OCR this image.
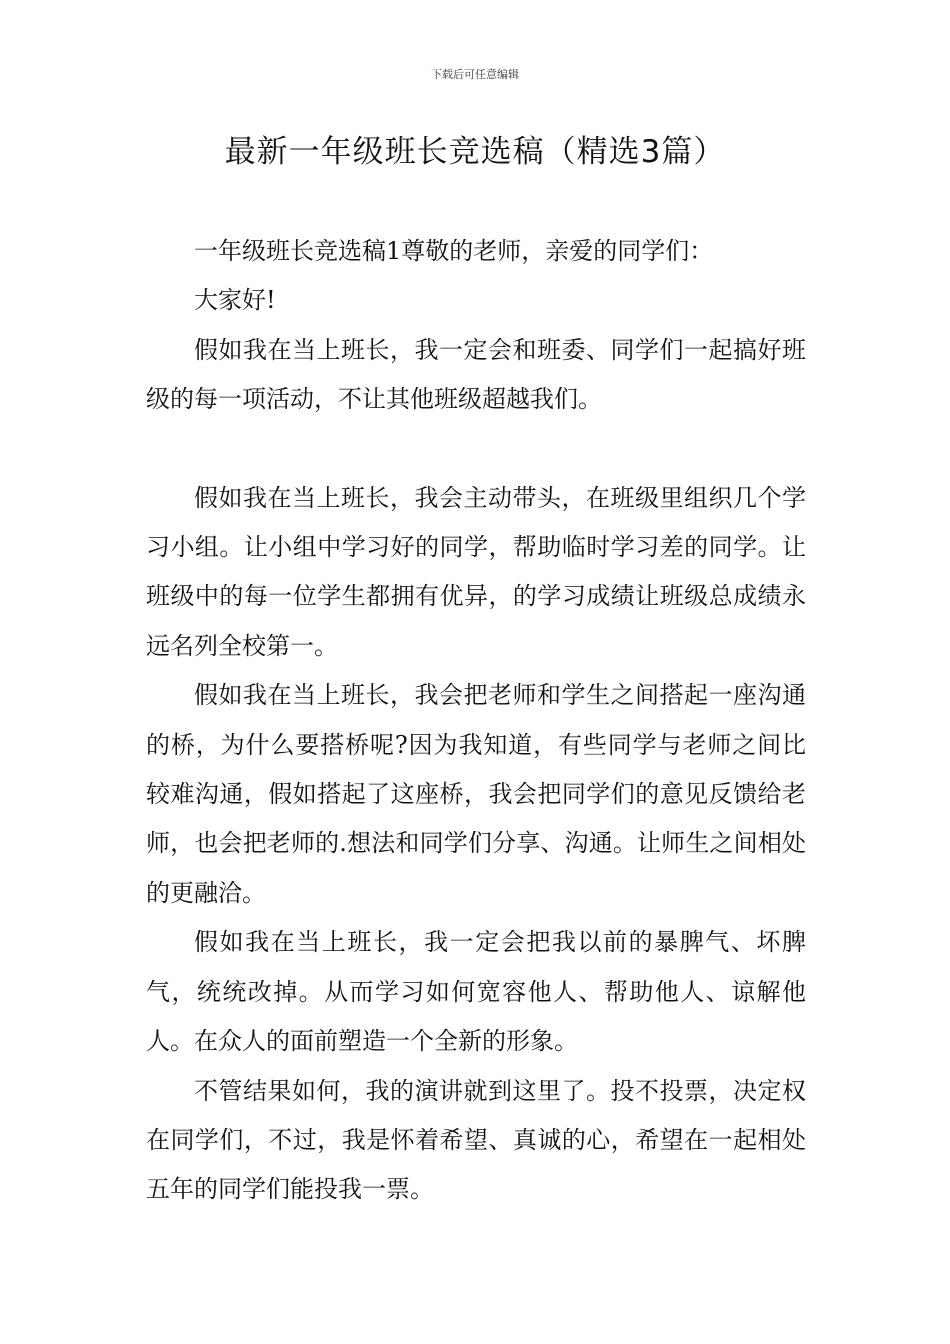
下载后可任意编辑
最新一年级班长竞选稿（精选3篇）

一年级班长竞选稿1尊敬的老师，亲爱的同学们：

大家好!

假如我在当上班长，我一定会和班委、同学们一起搞好班级的每一项活动，不让其他班级超越我们。

假如我在当上班长，我会主动带头，在班级里组织几个学习小组。让小组中学习好的同学，帮助临时学习差的同学。让班级中的每一位学生都拥有优异，的学习成绩让班级总成绩永远名列全校第一。

假如我在当上班长，我会把老师和学生之间搭起一座沟通的桥，为什么要搭桥呢?因为我知道，有些同学与老师之间比较难沟通，假如搭起了这座桥，我会把同学们的意见反馈给老师，也会把老师的.想法和同学们分享、沟通。让师生之间相处的更融洽。

假如我在当上班长，我一定会把我以前的暴脾气、坏脾气，统统改掉。从而学习如何宽容他人、帮助他人、谅解他人。在众人的面前塑造一个全新的形象。

不管结果如何，我的演讲就到这里了。投不投票，决定权在同学们，不过，我是怀着希望、真诚的心，希望在一起相处五年的同学们能投我一票。
